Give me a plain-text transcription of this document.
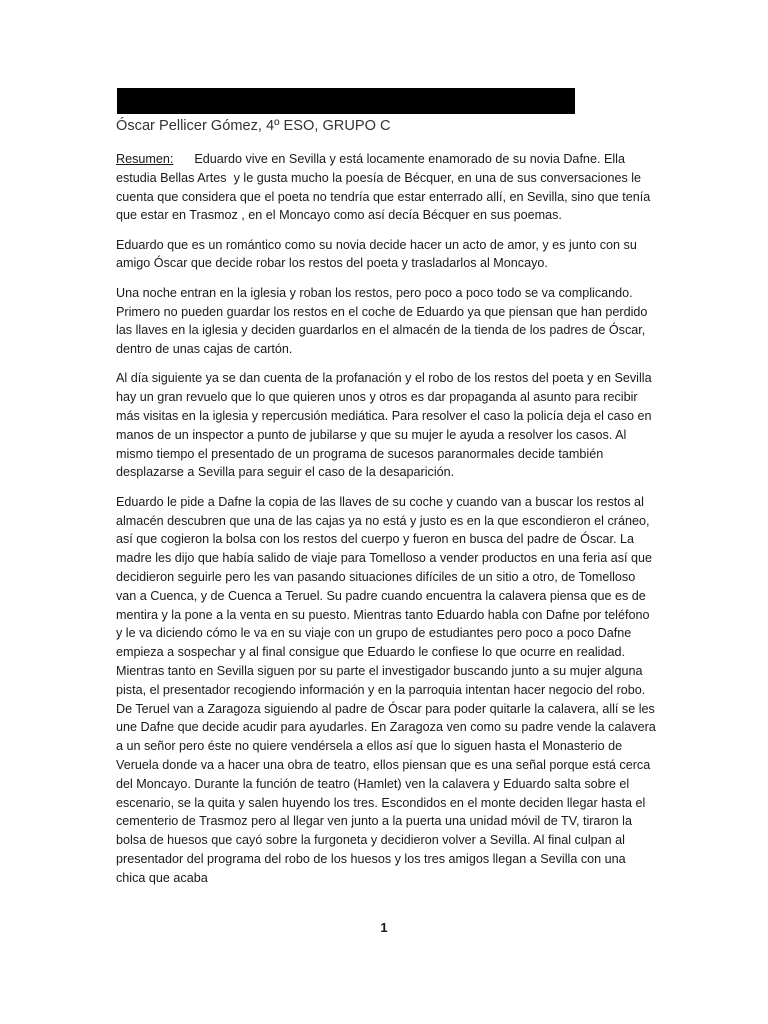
Óscar Pellicer Gómez, 4º ESO, GRUPO C

Resumen:      Eduardo vive en Sevilla y está locamente enamorado de su novia Dafne. Ella estudia Bellas Artes  y le gusta mucho la poesía de Bécquer, en una de sus conversaciones le cuenta que considera que el poeta no tendría que estar enterrado allí, en Sevilla, sino que tenía que estar en Trasmoz , en el Moncayo como así decía Bécquer en sus poemas.

Eduardo que es un romántico como su novia decide hacer un acto de amor, y es junto con su amigo Óscar que decide robar los restos del poeta y trasladarlos al Moncayo.

Una noche entran en la iglesia y roban los restos, pero poco a poco todo se va complicando. Primero no pueden guardar los restos en el coche de Eduardo ya que piensan que han perdido las llaves en la iglesia y deciden guardarlos en el almacén de la tienda de los padres de Óscar, dentro de unas cajas de cartón.

Al día siguiente ya se dan cuenta de la profanación y el robo de los restos del poeta y en Sevilla hay un gran revuelo que lo que quieren unos y otros es dar propaganda al asunto para recibir más visitas en la iglesia y repercusión mediática. Para resolver el caso la policía deja el caso en manos de un inspector a punto de jubilarse y que su mujer le ayuda a resolver los casos. Al mismo tiempo el presentado de un programa de sucesos paranormales decide también desplazarse a Sevilla para seguir el caso de la desaparición.

Eduardo le pide a Dafne la copia de las llaves de su coche y cuando van a buscar los restos al almacén descubren que una de las cajas ya no está y justo es en la que escondieron el cráneo, así que cogieron la bolsa con los restos del cuerpo y fueron en busca del padre de Óscar. La madre les dijo que había salido de viaje para Tomelloso a vender productos en una feria así que decidieron seguirle pero les van pasando situaciones difíciles de un sitio a otro, de Tomelloso van a Cuenca, y de Cuenca a Teruel. Su padre cuando encuentra la calavera piensa que es de mentira y la pone a la venta en su puesto. Mientras tanto Eduardo habla con Dafne por teléfono y le va diciendo cómo le va en su viaje con un grupo de estudiantes pero poco a poco Dafne empieza a sospechar y al final consigue que Eduardo le confiese lo que ocurre en realidad. Mientras tanto en Sevilla siguen por su parte el investigador buscando junto a su mujer alguna pista, el presentador recogiendo información y en la parroquia intentan hacer negocio del robo. De Teruel van a Zaragoza siguiendo al padre de Óscar para poder quitarle la calavera, allí se les une Dafne que decide acudir para ayudarles. En Zaragoza ven como su padre vende la calavera a un señor pero éste no quiere vendérsela a ellos así que lo siguen hasta el Monasterio de Veruela donde va a hacer una obra de teatro, ellos piensan que es una señal porque está cerca del Moncayo. Durante la función de teatro (Hamlet) ven la calavera y Eduardo salta sobre el escenario, se la quita y salen huyendo los tres. Escondidos en el monte deciden llegar hasta el cementerio de Trasmoz pero al llegar ven junto a la puerta una unidad móvil de TV, tiraron la bolsa de huesos que cayó sobre la furgoneta y decidieron volver a Sevilla. Al final culpan al presentador del programa del robo de los huesos y los tres amigos llegan a Sevilla con una chica que acaba

1
